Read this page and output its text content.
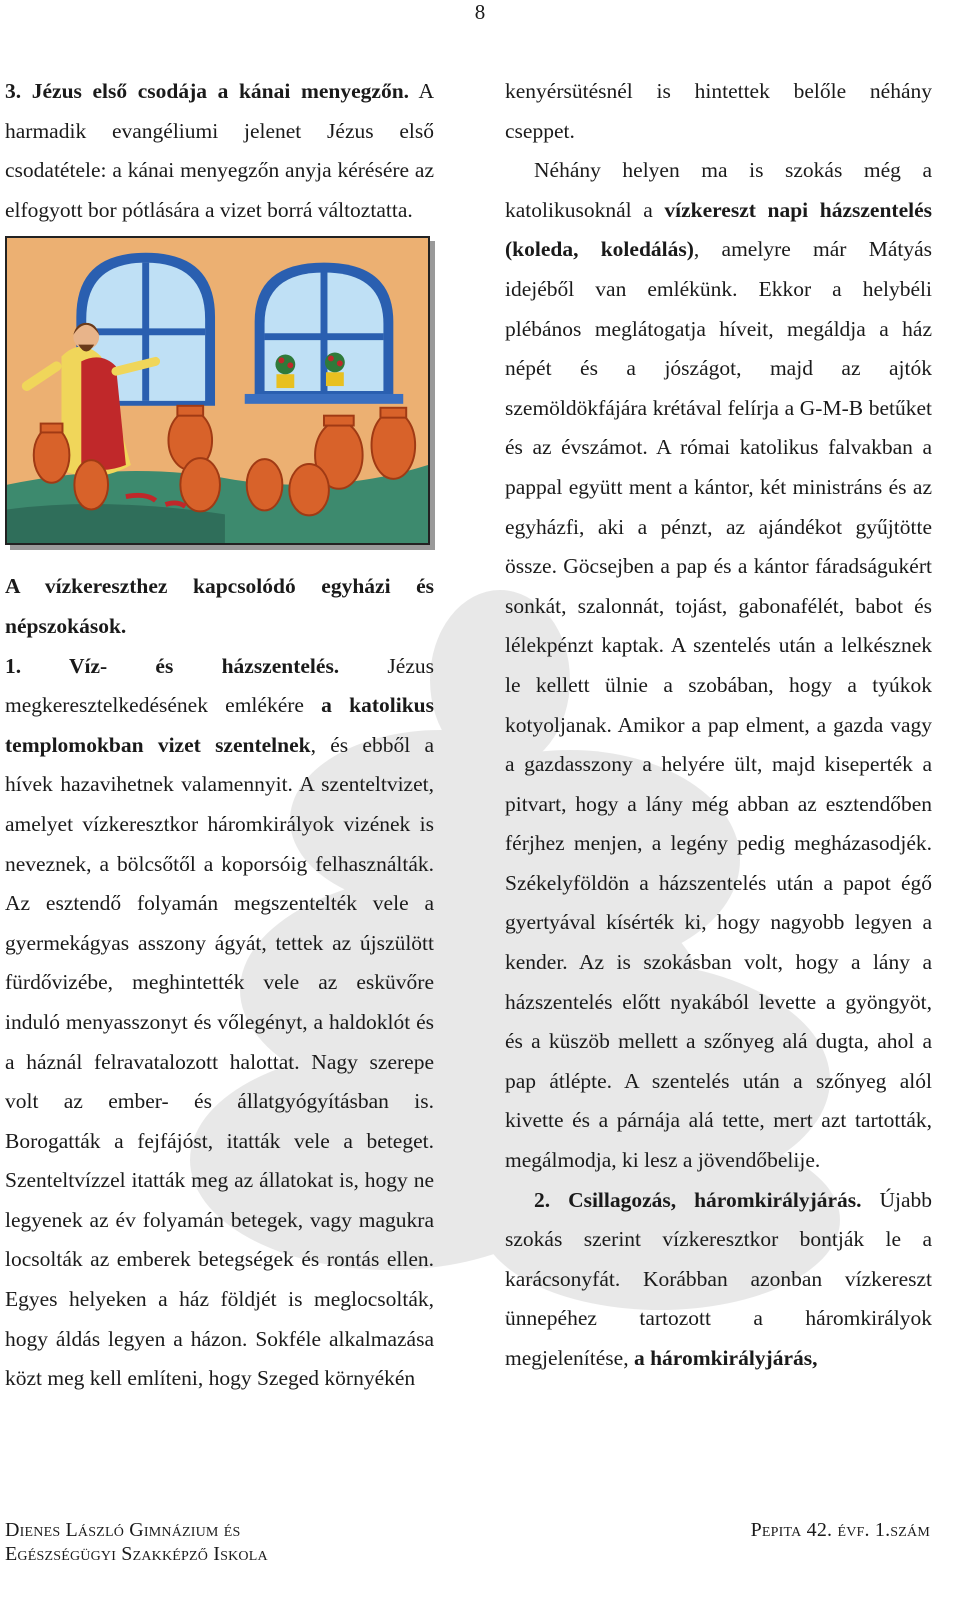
8

3. Jézus első csodája a kánai menyegzőn. A harmadik evangéliumi jelenet Jézus első csodatétele: a kánai menyegzőn anyja kérésére az elfogyott bor pótlására a vizet borrá változtatta.

A vízkereszthez kapcsolódó egyházi és népszokások.

1. Víz- és házszentelés. Jézus megkeresztelkedésének emlékére a katolikus templomokban vizet szentelnek, és ebből a hívek hazavihetnek valamennyit. A szenteltvizet, amelyet vízkeresztkor háromkirályok vizének is neveznek, a bölcsőtől a koporsóig felhasználták. Az esztendő folyamán megszentelték vele a gyermekágyas asszony ágyát, tettek az újszülött fürdővizébe, meghintették vele az esküvőre induló menyasszonyt és vőlegényt, a haldoklót és a háznál felravatalozott halottat. Nagy szerepe volt az ember- és állatgyógyításban is. Borogatták a fejfájóst, itatták vele a beteget. Szenteltvízzel itatták meg az állatokat is, hogy ne legyenek az év folyamán betegek, vagy magukra locsolták az emberek betegségek és rontás ellen. Egyes helyeken a ház földjét is meglocsolták, hogy áldás legyen a házon. Sokféle alkalmazása közt meg kell említeni, hogy Szeged környékén

kenyérsütésnél is hintettek belőle néhány cseppet.

Néhány helyen ma is szokás még a katolikusoknál a vízkereszt napi házszentelés (koleda, koledálás), amelyre már Mátyás idejéből van emlékünk. Ekkor a helybéli plébános meglátogatja híveit, megáldja a ház népét és a jószágot, majd az ajtók szemöldökfájára krétával felírja a G-M-B betűket és az évszámot. A római katolikus falvakban a pappal együtt ment a kántor, két ministráns és az egyházfi, aki a pénzt, az ajándékot gyűjtötte össze. Göcsejben a pap és a kántor fáradságukért sonkát, szalonnát, tojást, gabonafélét, babot és lélekpénzt kaptak. A szentelés után a lelkésznek le kellett ülnie a szobában, hogy a tyúkok kotyoljanak. Amikor a pap elment, a gazda vagy a gazdasszony a helyére ült, majd kiseperték a pitvart, hogy a lány még abban az esztendőben férjhez menjen, a legény pedig megházasodjék. Székelyföldön a házszentelés után a papot égő gyertyával kísérték ki, hogy nagyobb legyen a kender. Az is szokásban volt, hogy a lány a házszentelés előtt nyakából levette a gyöngyöt, és a küszöb mellett a szőnyeg alá dugta, ahol a pap átlépte. A szentelés után a szőnyeg alól kivette és a párnája alá tette, mert azt tartották, megálmodja, ki lesz a jövendőbelije.

2. Csillagozás, háromkirályjárás. Újabb szokás szerint vízkeresztkor bontják le a karácsonyfát. Korábban azonban vízkereszt ünnepéhez tartozott a háromkirályok megjelenítése, a háromkirályjárás,

Dienes László Gimnázium és
Egészségügyi Szakképző Iskola
Pepita 42. évf. 1.szám
